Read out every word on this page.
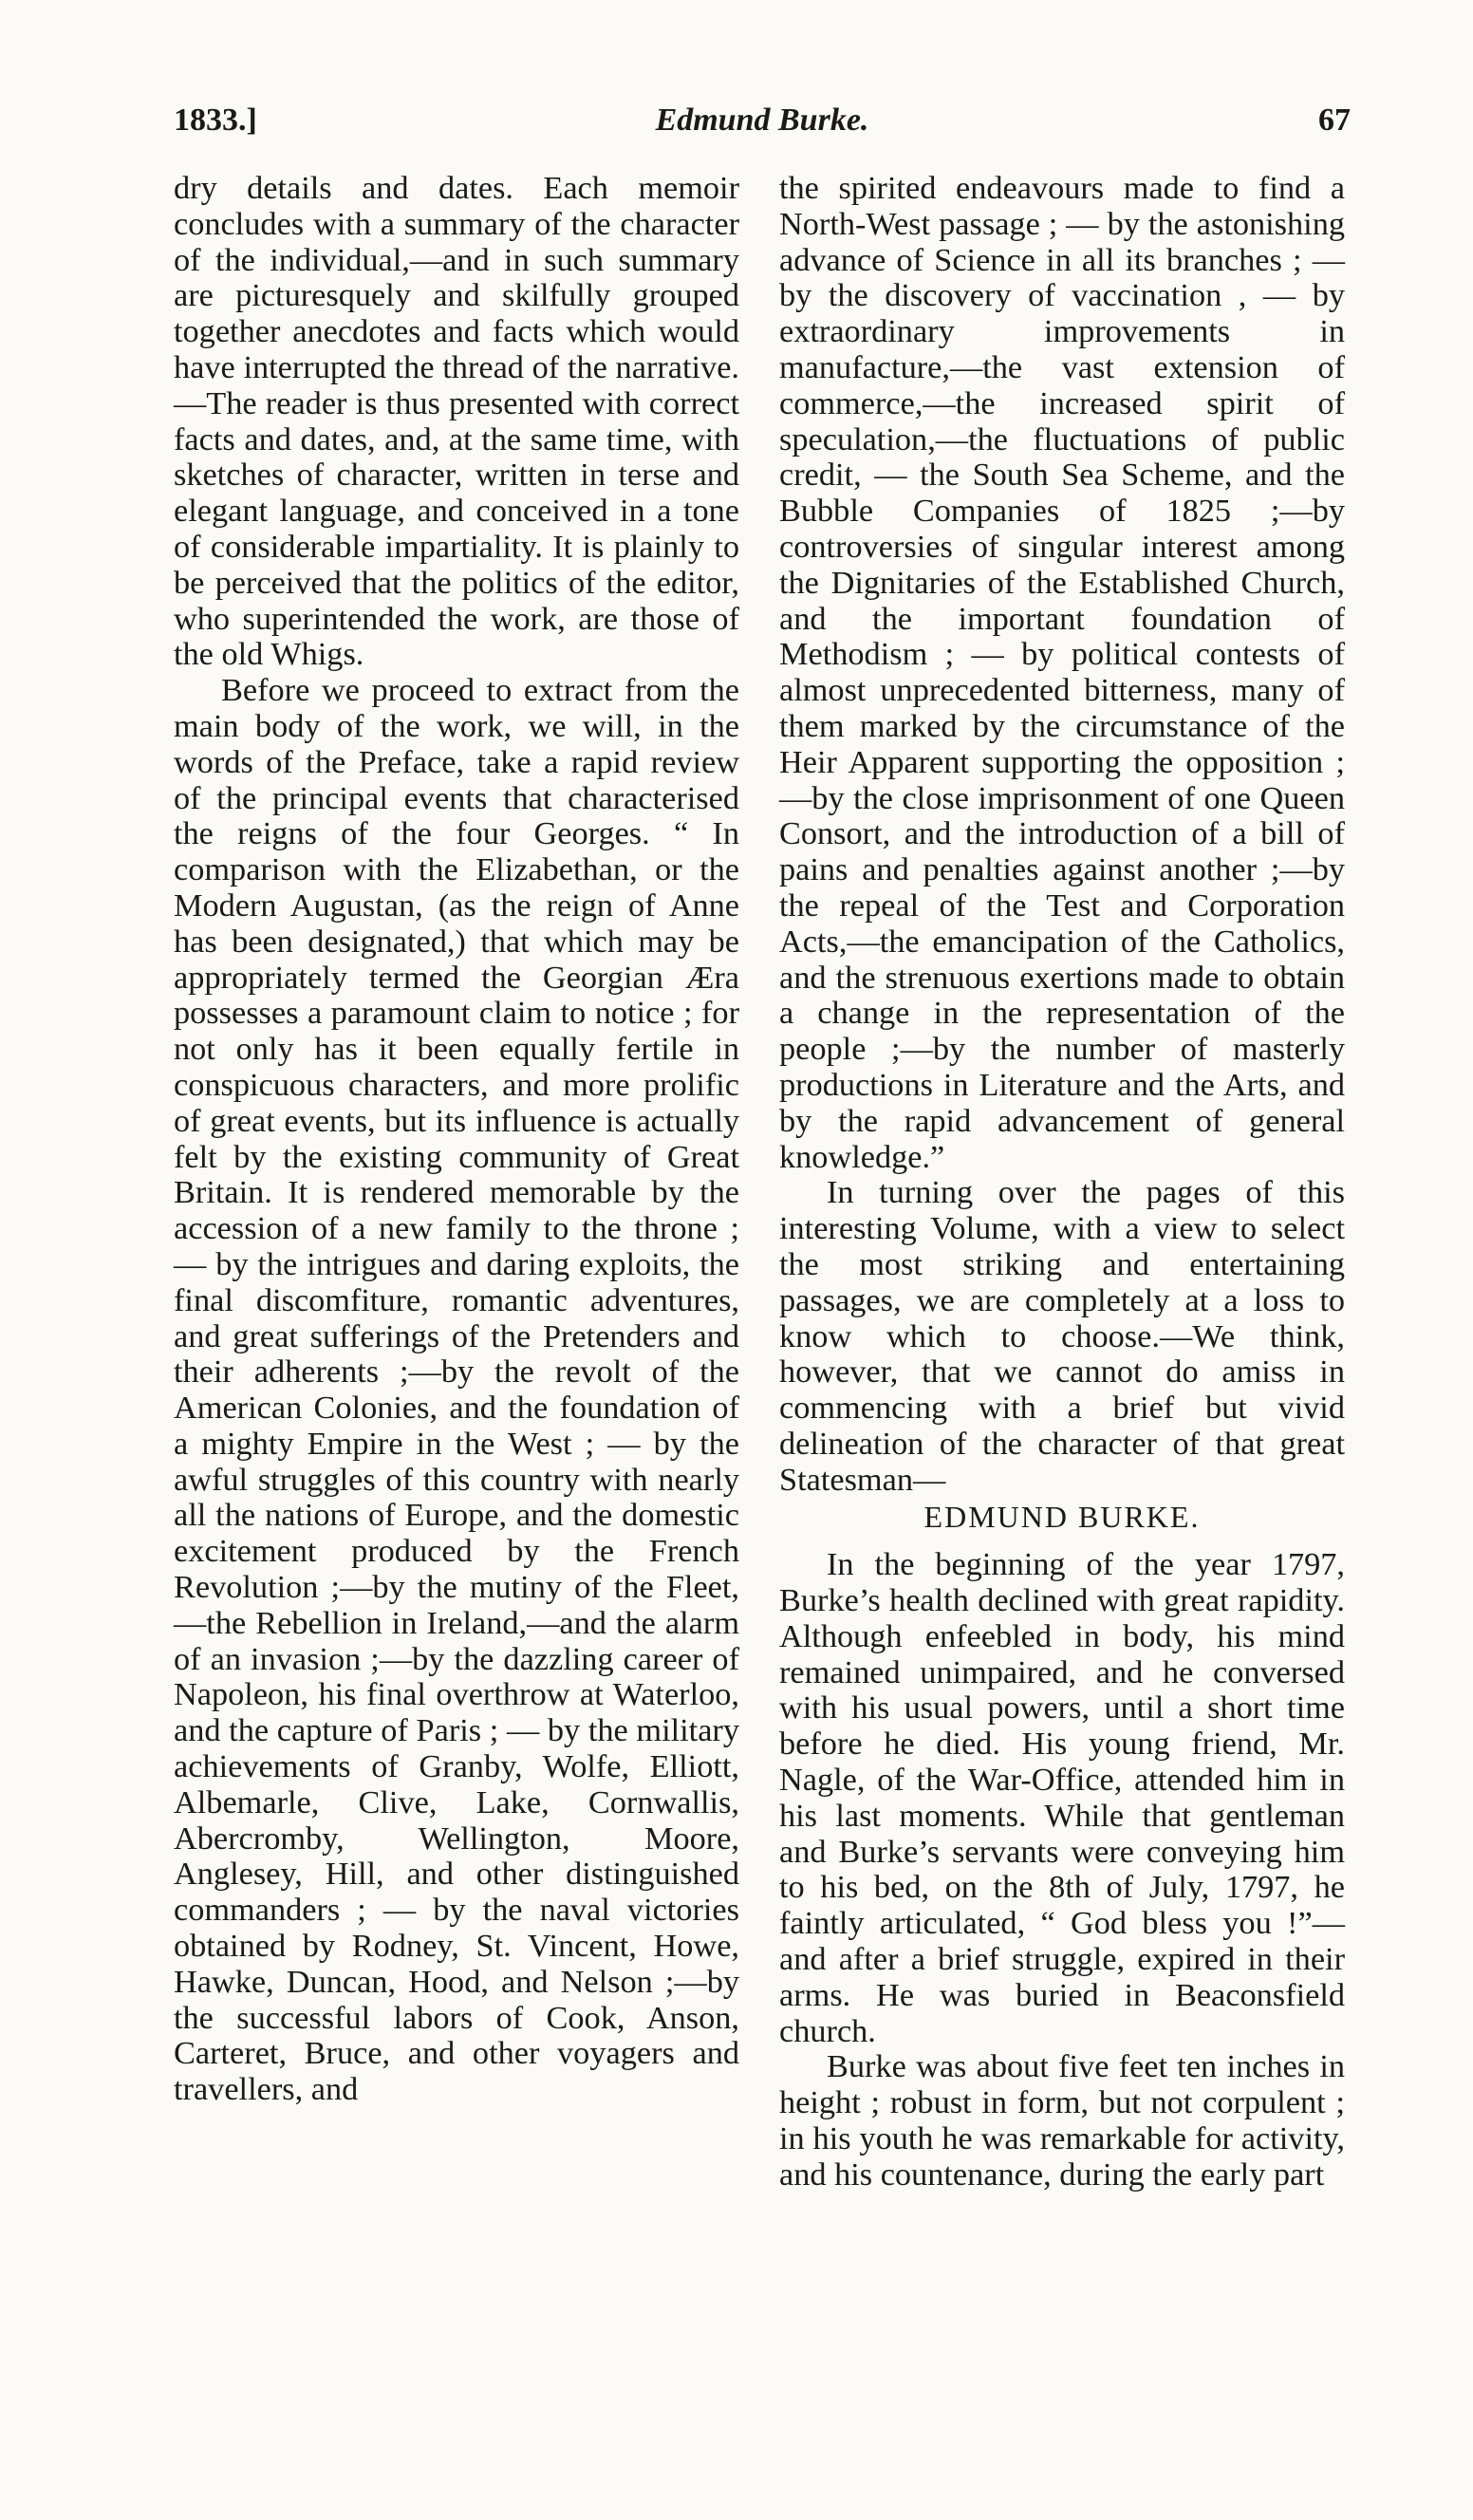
1833.]	Edmund Burke.	67

dry details and dates. Each memoir concludes with a summary of the character of the individual,—and in such summary are picturesquely and skilfully grouped together anecdotes and facts which would have interrupted the thread of the narrative.—The reader is thus presented with correct facts and dates, and, at the same time, with sketches of character, written in terse and elegant language, and conceived in a tone of considerable impartiality. It is plainly to be perceived that the politics of the editor, who superintended the work, are those of the old Whigs.

Before we proceed to extract from the main body of the work, we will, in the words of the Preface, take a rapid review of the principal events that characterised the reigns of the four Georges. “ In comparison with the Elizabethan, or the Modern Augustan, (as the reign of Anne has been designated,) that which may be appropriately termed the Georgian Æra possesses a paramount claim to notice ; for not only has it been equally fertile in conspicuous characters, and more prolific of great events, but its influence is actually felt by the existing community of Great Britain. It is rendered memorable by the accession of a new family to the throne ; — by the intrigues and daring exploits, the final discomfiture, romantic adventures, and great sufferings of the Pretenders and their adherents ;—by the revolt of the American Colonies, and the foundation of a mighty Empire in the West ; — by the awful struggles of this country with nearly all the nations of Europe, and the domestic excitement produced by the French Revolution ;—by the mutiny of the Fleet,—the Rebellion in Ireland,—and the alarm of an invasion ;—by the dazzling career of Napoleon, his final overthrow at Waterloo, and the capture of Paris ; — by the military achievements of Granby, Wolfe, Elliott, Albemarle, Clive, Lake, Cornwallis, Abercromby, Wellington, Moore, Anglesey, Hill, and other distinguished commanders ; — by the naval victories obtained by Rodney, St. Vincent, Howe, Hawke, Duncan, Hood, and Nelson ;—by the successful labors of Cook, Anson, Carteret, Bruce, and other voyagers and travellers, and

the spirited endeavours made to find a North-West passage ; — by the astonishing advance of Science in all its branches ; — by the discovery of vaccination , — by extraordinary improvements in manufacture,—the vast extension of commerce,—the increased spirit of speculation,—the fluctuations of public credit, — the South Sea Scheme, and the Bubble Companies of 1825 ;—by controversies of singular interest among the Dignitaries of the Established Church, and the important foundation of Methodism ; — by political contests of almost unprecedented bitterness, many of them marked by the circumstance of the Heir Apparent supporting the opposition ;—by the close imprisonment of one Queen Consort, and the introduction of a bill of pains and penalties against another ;—by the repeal of the Test and Corporation Acts,—the emancipation of the Catholics, and the strenuous exertions made to obtain a change in the representation of the people ;—by the number of masterly productions in Literature and the Arts, and by the rapid advancement of general knowledge.”

In turning over the pages of this interesting Volume, with a view to select the most striking and entertaining passages, we are completely at a loss to know which to choose.—We think, however, that we cannot do amiss in commencing with a brief but vivid delineation of the character of that great Statesman—

EDMUND BURKE.

In the beginning of the year 1797, Burke’s health declined with great rapidity. Although enfeebled in body, his mind remained unimpaired, and he conversed with his usual powers, until a short time before he died. His young friend, Mr. Nagle, of the War-Office, attended him in his last moments. While that gentleman and Burke’s servants were conveying him to his bed, on the 8th of July, 1797, he faintly articulated, “ God bless you !”—and after a brief struggle, expired in their arms. He was buried in Beaconsfield church.

Burke was about five feet ten inches in height ; robust in form, but not corpulent ; in his youth he was remarkable for activity, and his countenance, during the early part
